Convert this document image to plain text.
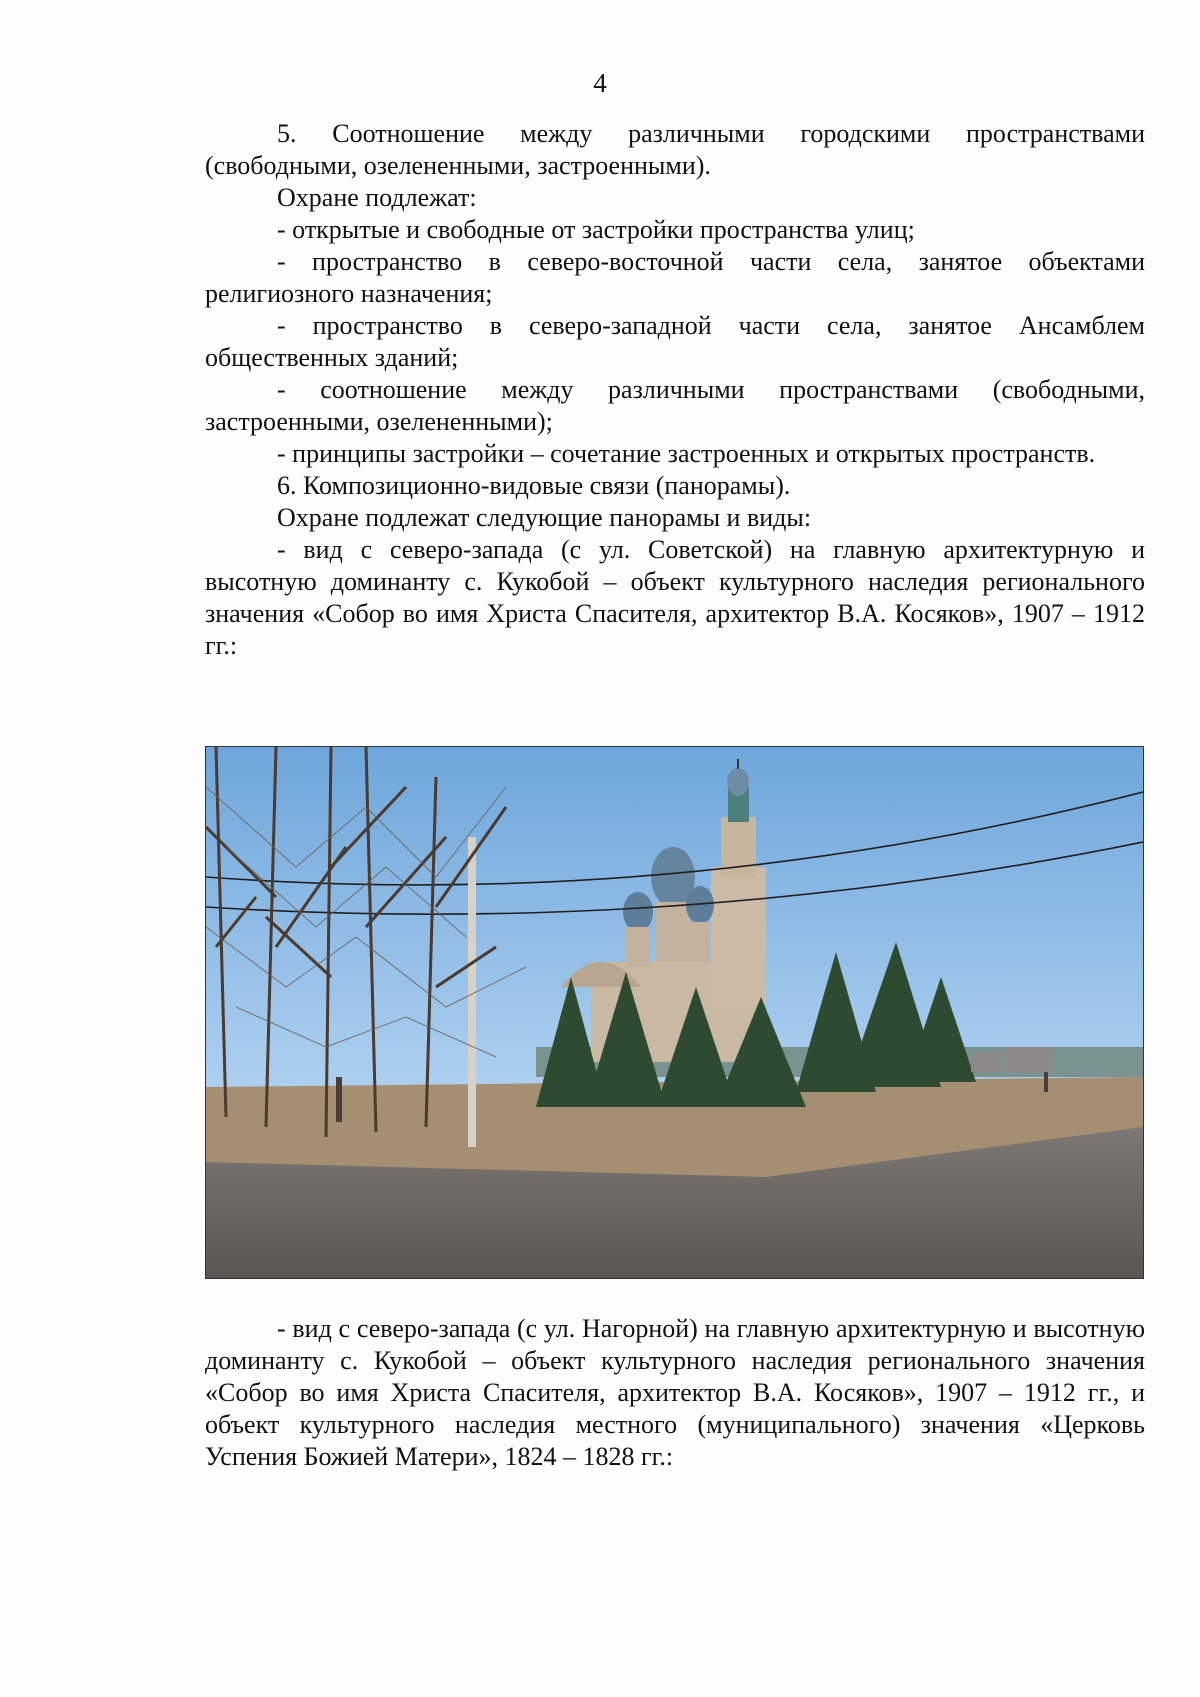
4

5. Соотношение между различными городскими пространствами (свободными, озелененными, застроенными).

Охране подлежат:

- открытые и свободные от застройки пространства улиц;

- пространство в северо-восточной части села, занятое объектами религиозного назначения;

- пространство в северо-западной части села, занятое Ансамблем общественных зданий;

- соотношение между различными пространствами (свободными, застроенными, озелененными);

- принципы застройки – сочетание застроенных и открытых пространств.

6. Композиционно-видовые связи (панорамы).

Охране подлежат следующие панорамы и виды:

- вид с северо-запада (с ул. Советской) на главную архитектурную и высотную доминанту с. Кукобой – объект культурного наследия регионального значения «Собор во имя Христа Спасителя, архитектор В.А. Косяков», 1907 – 1912 гг.:

- вид с северо-запада (с ул. Нагорной) на главную архитектурную и высотную доминанту с. Кукобой – объект культурного наследия регионального значения «Собор во имя Христа Спасителя, архитектор В.А. Косяков», 1907 – 1912 гг., и объект культурного наследия местного (муниципального) значения «Церковь Успения Божией Матери», 1824 – 1828 гг.:
